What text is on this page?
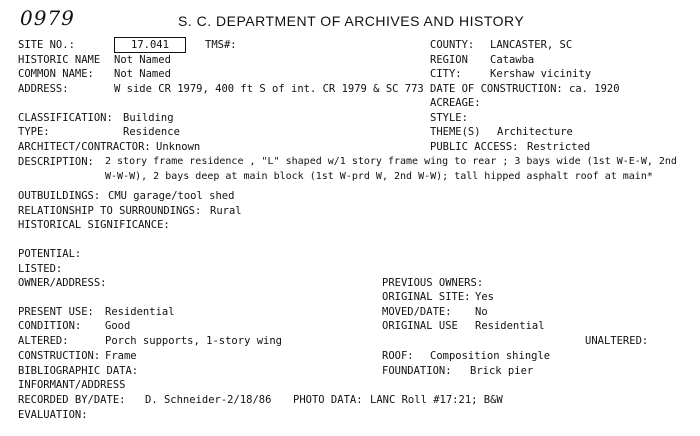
0979	S. C. DEPARTMENT OF ARCHIVES AND HISTORY
SITE NO.:	17.041	TMS#:
HISTORIC NAME Not Named
COMMON NAME: Not Named
ADDRESS:	W side CR 1979, 400 ft S of int. CR 1979 & SC 773
COUNTY: LANCASTER, SC
REGION Catawba
CITY:	Kershaw vicinity
DATE OF CONSTRUCTION: ca. 1920
ACREAGE:
STYLE:
THEME(S) Architecture
PUBLIC ACCESS: Restricted
CLASSIFICATION: Building
TYPE:	Residence
ARCHITECT/CONTRACTOR: Unknown
DESCRIPTION: 2 story frame residence , "L" shaped w/1 story frame wing to rear ; 3 bays wide (1st W-E-W, 2nd
W-W-W), 2 bays deep at main block (1st W-prd W, 2nd W-W); tall hipped asphalt roof at main*
OUTBUILDINGS: CMU garage/tool shed
RELATIONSHIP TO SURROUNDINGS: Rural
HISTORICAL SIGNIFICANCE:
POTENTIAL:
LISTED:
OWNER/ADDRESS:	PREVIOUS OWNERS:
ORIGINAL SITE: Yes
MOVED/DATE: No
ORIGINAL USE Residential
UNALTERED:
ROOF: Composition shingle
FOUNDATION: Brick pier
PRESENT USE: Residential
CONDITION: Good
ALTERED:	Porch supports, 1-story wing
CONSTRUCTION: Frame
BIBLIOGRAPHIC DATA:
INFORMANT/ADDRESS
RECORDED BY/DATE: D. Schneider-2/18/86 PHOTO DATA: LANC Roll #17:21; B&W
EVALUATION:
